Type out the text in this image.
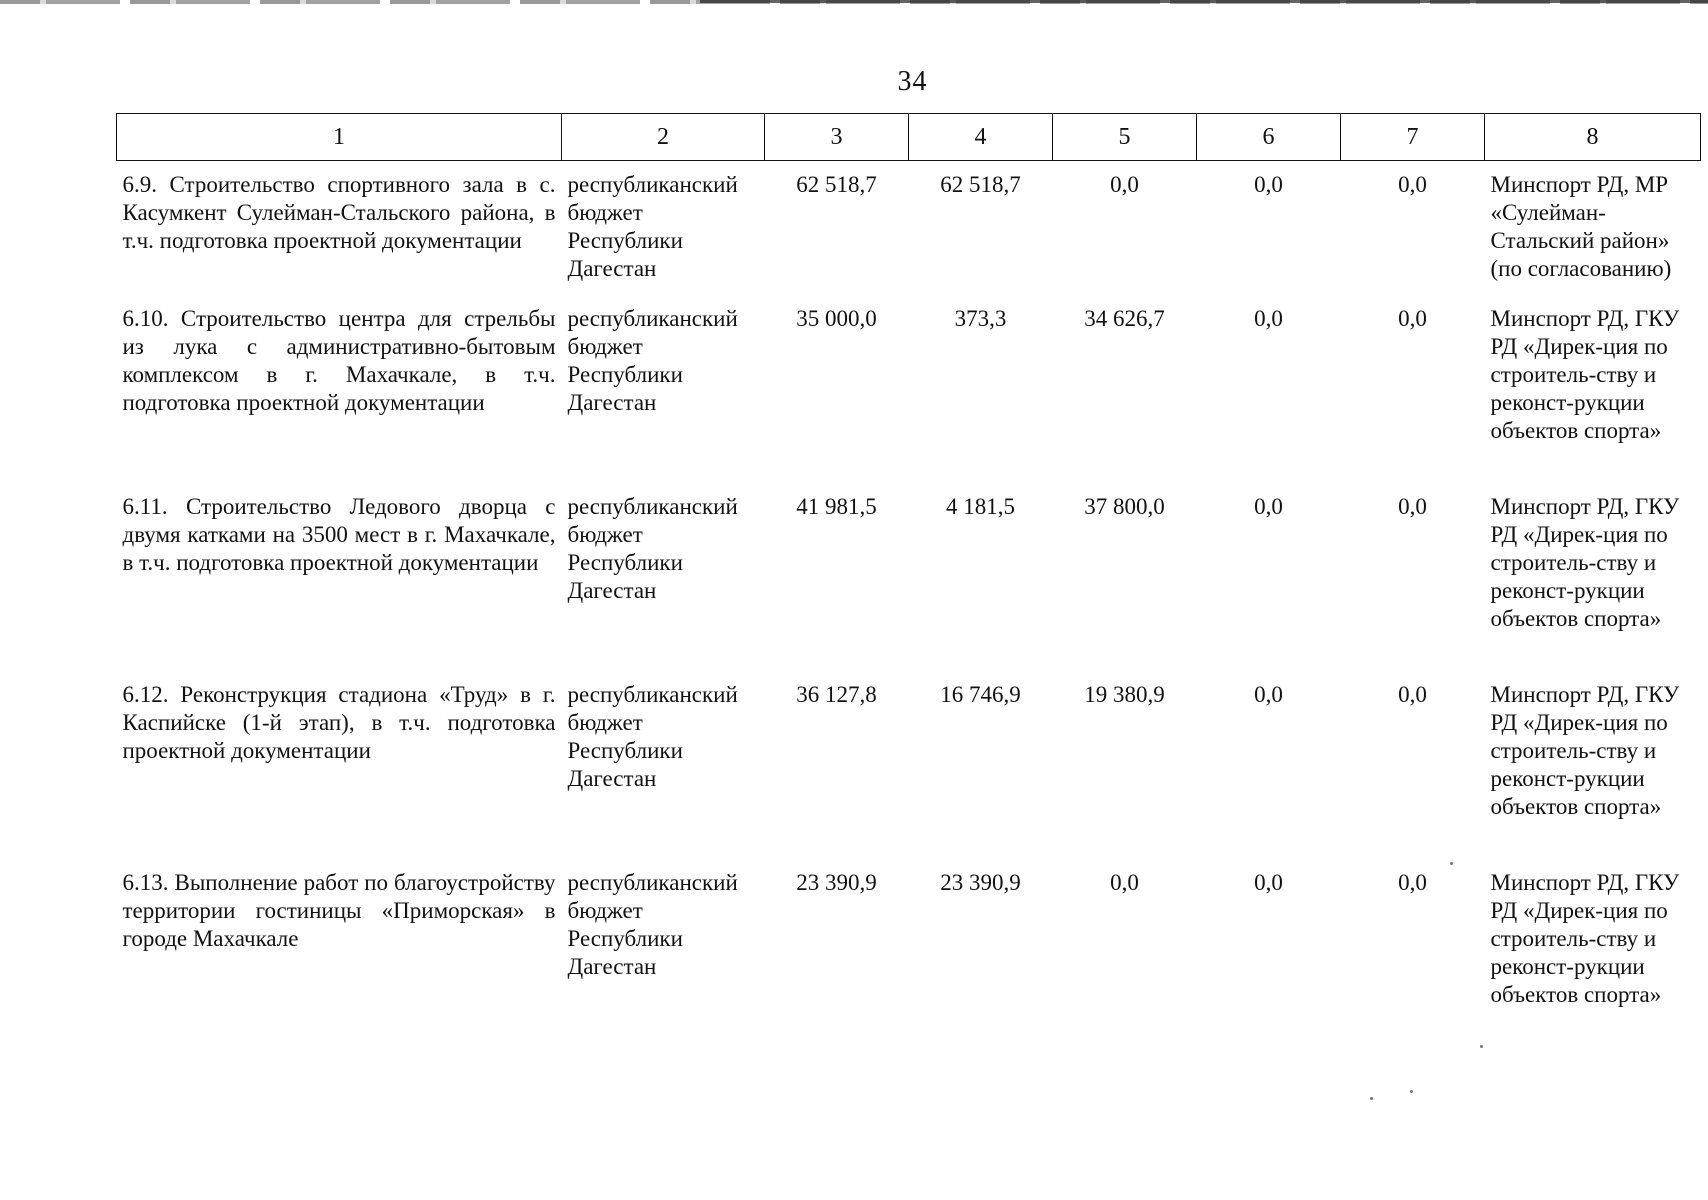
34
1	2	3	4	5	6	7	8
6.9. Строительство спортивного зала в с. Касумкент Сулейман-Стальского района, в т.ч. подготовка проектной документации	республиканский бюджет Республики Дагестан	62 518,7	62 518,7	0,0	0,0	0,0	Минспорт РД, МР «Сулейман-Стальский район» (по согласованию)
6.10. Строительство центра для стрельбы из лука с административно-бытовым комплексом в г. Махачкале, в т.ч. подготовка проектной документации	республиканский бюджет Республики Дагестан	35 000,0	373,3	34 626,7	0,0	0,0	Минспорт РД, ГКУ РД «Дирек-ция по строитель-ству и реконст-рукции объектов спорта»
6.11. Строительство Ледового дворца с двумя катками на 3500 мест в г. Махачкале, в т.ч. подготовка проектной документации	республиканский бюджет Республики Дагестан	41 981,5	4 181,5	37 800,0	0,0	0,0	Минспорт РД, ГКУ РД «Дирек-ция по строитель-ству и реконст-рукции объектов спорта»
6.12. Реконструкция стадиона «Труд» в г. Каспийске (1-й этап), в т.ч. подготовка проектной документации	республиканский бюджет Республики Дагестан	36 127,8	16 746,9	19 380,9	0,0	0,0	Минспорт РД, ГКУ РД «Дирек-ция по строитель-ству и реконст-рукции объектов спорта»
6.13. Выполнение работ по благоустройству территории гостиницы «Приморская» в городе Махачкале	республиканский бюджет Республики Дагестан	23 390,9	23 390,9	0,0	0,0	0,0	Минспорт РД, ГКУ РД «Дирек-ция по строитель-ству и реконст-рукции объектов спорта»
